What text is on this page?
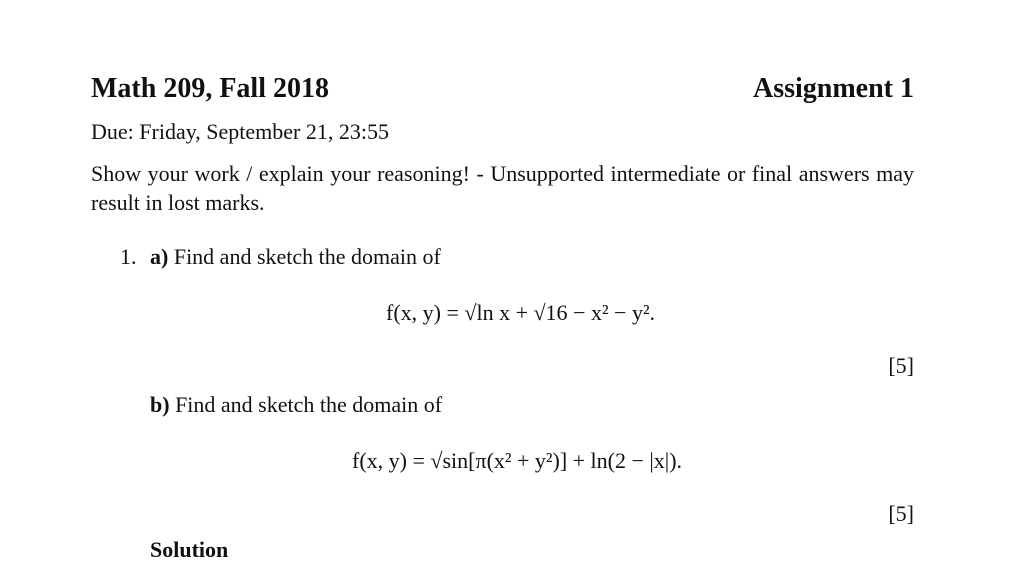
Math 209, Fall 2018	Assignment 1
Due: Friday, September 21, 23:55
Show your work / explain your reasoning! - Unsupported intermediate or final answers may result in lost marks.
1. a) Find and sketch the domain of
f(x, y) = √ln x + √16 − x² − y².
[5]
b) Find and sketch the domain of
f(x, y) = √sin[π(x² + y²)] + ln(2 − |x|).
[5]
Solution
